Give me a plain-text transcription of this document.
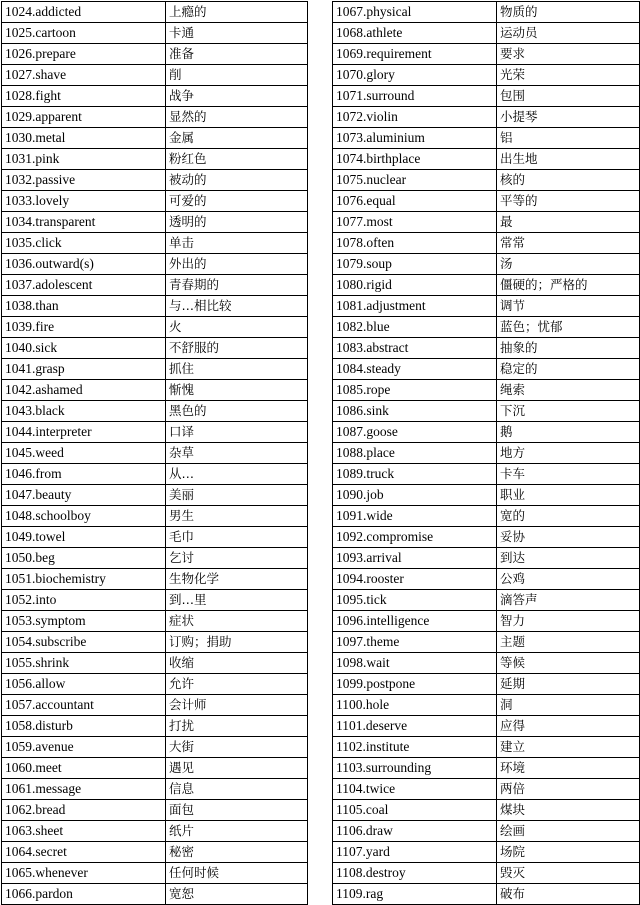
1024.addicted	上瘾的
1025.cartoon	卡通
1026.prepare	准备
1027.shave	削
1028.fight	战争
1029.apparent	显然的
1030.metal	金属
1031.pink	粉红色
1032.passive	被动的
1033.lovely	可爱的
1034.transparent	透明的
1035.click	单击
1036.outward(s)	外出的
1037.adolescent	青春期的
1038.than	与…相比较
1039.fire	火
1040.sick	不舒服的
1041.grasp	抓住
1042.ashamed	惭愧
1043.black	黑色的
1044.interpreter	口译
1045.weed	杂草
1046.from	从…
1047.beauty	美丽
1048.schoolboy	男生
1049.towel	毛巾
1050.beg	乞讨
1051.biochemistry	生物化学
1052.into	到…里
1053.symptom	症状
1054.subscribe	订购；捐助
1055.shrink	收缩
1056.allow	允许
1057.accountant	会计师
1058.disturb	打扰
1059.avenue	大街
1060.meet	遇见
1061.message	信息
1062.bread	面包
1063.sheet	纸片
1064.secret	秘密
1065.whenever	任何时候
1066.pardon	宽恕
1067.physical	物质的
1068.athlete	运动员
1069.requirement	要求
1070.glory	光荣
1071.surround	包围
1072.violin	小提琴
1073.aluminium	铝
1074.birthplace	出生地
1075.nuclear	核的
1076.equal	平等的
1077.most	最
1078.often	常常
1079.soup	汤
1080.rigid	僵硬的；严格的
1081.adjustment	调节
1082.blue	蓝色；忧郁
1083.abstract	抽象的
1084.steady	稳定的
1085.rope	绳索
1086.sink	下沉
1087.goose	鹅
1088.place	地方
1089.truck	卡车
1090.job	职业
1091.wide	宽的
1092.compromise	妥协
1093.arrival	到达
1094.rooster	公鸡
1095.tick	滴答声
1096.intelligence	智力
1097.theme	主题
1098.wait	等候
1099.postpone	延期
1100.hole	洞
1101.deserve	应得
1102.institute	建立
1103.surrounding	环境
1104.twice	两倍
1105.coal	煤块
1106.draw	绘画
1107.yard	场院
1108.destroy	毁灭
1109.rag	破布
